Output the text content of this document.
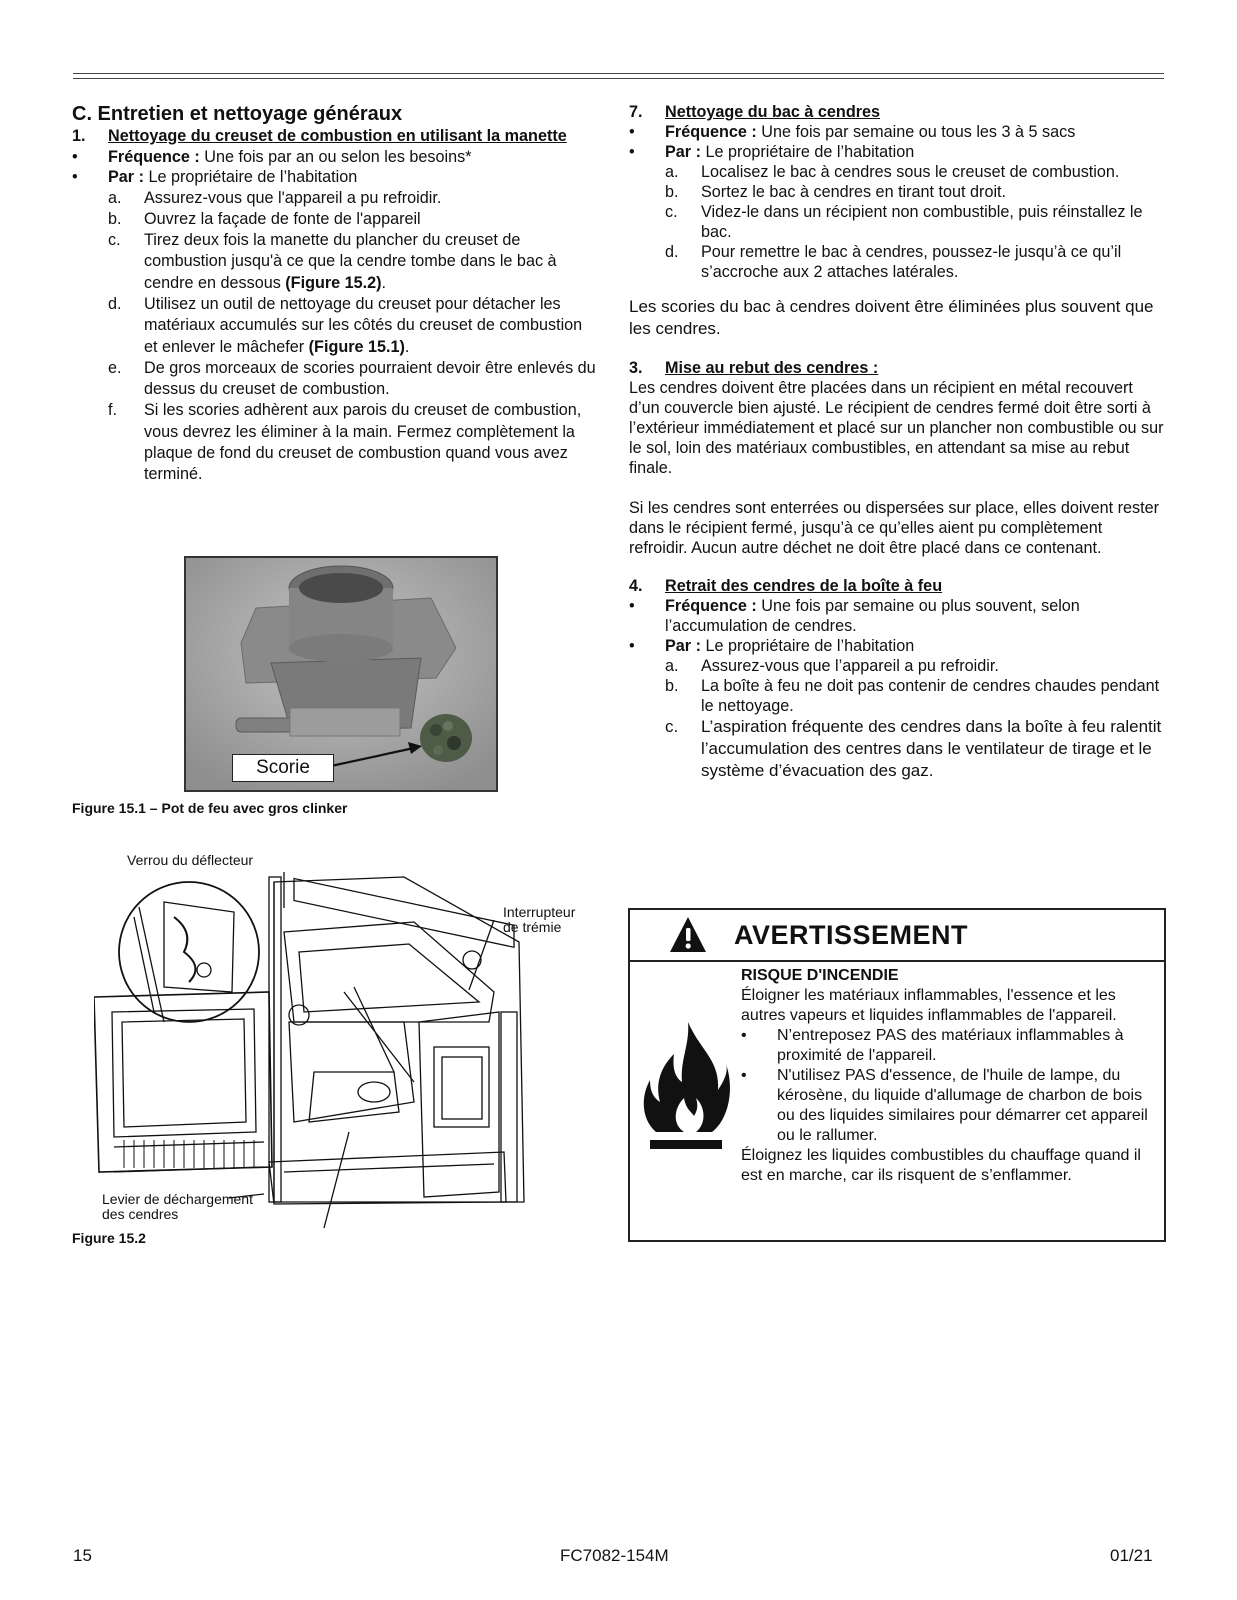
C. Entretien et nettoyage généraux
1.	Nettoyage du creuset de combustion en utilisant la manette
•	Fréquence : Une fois par an ou selon les besoins*
•	Par : Le propriétaire de l’habitation
a.	Assurez-vous que l'appareil a pu refroidir.
b.	Ouvrez la façade de fonte de l'appareil
c.	Tirez deux fois la manette du plancher du creuset de combustion jusqu'à ce que la cendre tombe dans le bac à cendre en dessous (Figure 15.2).
d.	Utilisez un outil de nettoyage du creuset pour détacher les matériaux accumulés sur les côtés du creuset de combustion et enlever le mâchefer (Figure 15.1).
e.	De gros morceaux de scories pourraient devoir être enlevés du dessus du creuset de combustion.
f.	Si les scories adhèrent aux parois du creuset de combustion, vous devrez les éliminer à la main. Fermez complètement la plaque de fond du creuset de combustion quand vous avez terminé.
Scorie
Figure 15.1 – Pot de feu avec gros clinker
Verrou du déflecteur
Interrupteur de trémie
Levier de déchargement des cendres
Figure 15.2
7.	Nettoyage du bac à cendres
•	Fréquence : Une fois par semaine ou tous les 3 à 5 sacs
•	Par : Le propriétaire de l’habitation
a.	Localisez le bac à cendres sous le creuset de combustion.
b.	Sortez le bac à cendres en tirant tout droit.
c.	Videz-le dans un récipient non combustible, puis réinstallez le bac.
d.	Pour remettre le bac à cendres, poussez-le jusqu’à ce qu’il s’accroche aux 2 attaches latérales.

Les scories du bac à cendres doivent être éliminées plus souvent que les cendres.

3.	Mise au rebut des cendres :

Les cendres doivent être placées dans un récipient en métal recouvert d’un couvercle bien ajusté. Le récipient de cendres fermé doit être sorti à l’extérieur immédiatement et placé sur un plancher non combustible ou sur le sol, loin des matériaux combustibles, en attendant sa mise au rebut finale.

Si les cendres sont enterrées ou dispersées sur place, elles doivent rester dans le récipient fermé, jusqu’à ce qu’elles aient pu complètement refroidir. Aucun autre déchet ne doit être placé dans ce contenant.

4.	Retrait des cendres de la boîte à feu
•	Fréquence : Une fois par semaine ou plus souvent, selon l’accumulation de cendres.
•	Par : Le propriétaire de l’habitation
a.	Assurez-vous que l’appareil a pu refroidir.
b.	La boîte à feu ne doit pas contenir de cendres chaudes pendant le nettoyage.
c.	L’aspiration fréquente des cendres dans la boîte à feu ralentit l’accumulation des centres dans le ventilateur de tirage et le système d’évacuation des gaz.
AVERTISSEMENT
RISQUE D'INCENDIE

Éloigner les matériaux inflammables, l'essence et les autres vapeurs et liquides inflammables de l'appareil.

•	N’entreposez PAS des matériaux inflammables à proximité de l'appareil.
•	N'utilisez PAS d'essence, de l'huile de lampe, du kérosène, du liquide d'allumage de charbon de bois ou des liquides similaires pour démarrer cet appareil ou le rallumer.

Éloignez les liquides combustibles du chauffage quand il est en marche, car ils risquent de s’enflammer.

15	FC7082-154M	01/21
